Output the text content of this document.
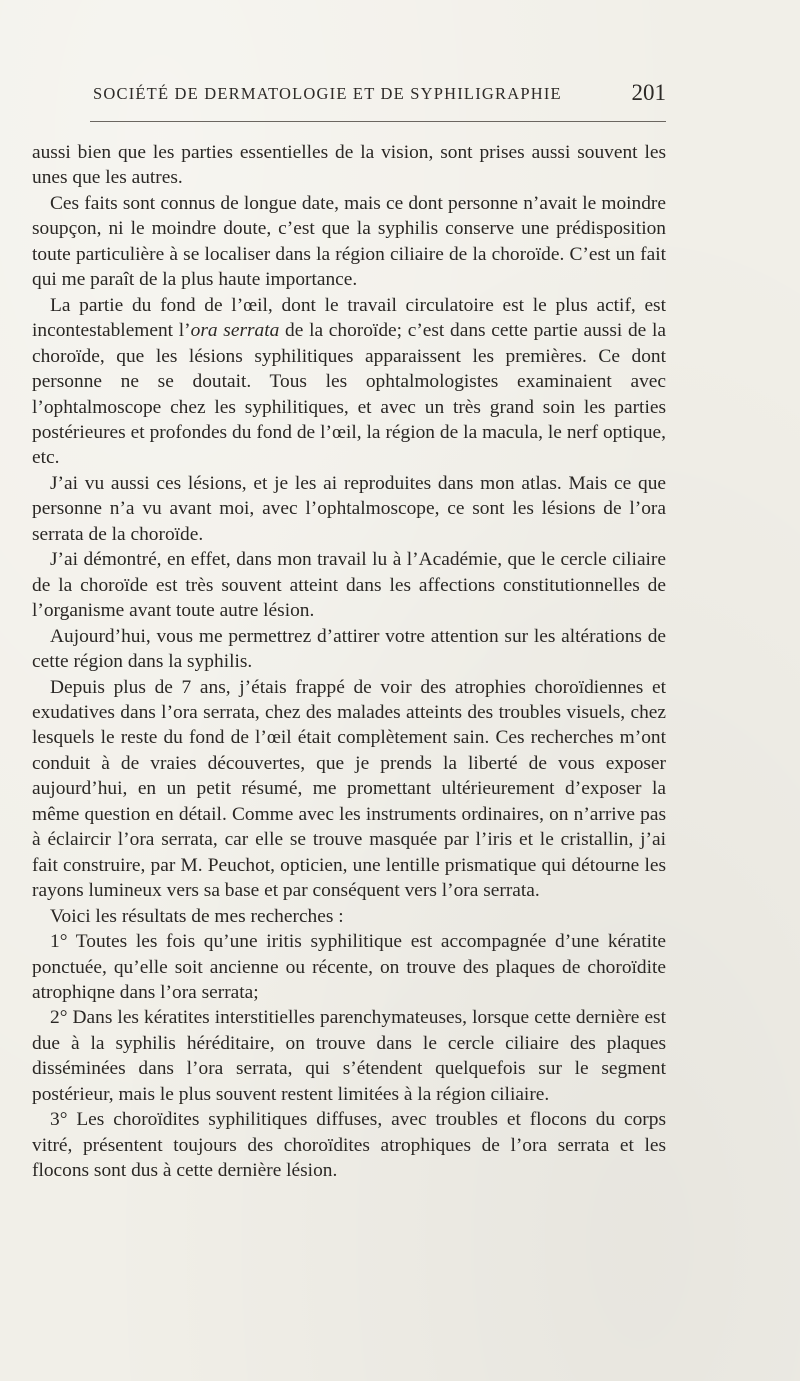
SOCIÉTÉ DE DERMATOLOGIE ET DE SYPHILIGRAPHIE	201

aussi bien que les parties essentielles de la vision, sont prises aussi souvent les unes que les autres.

Ces faits sont connus de longue date, mais ce dont personne n’avait le moindre soupçon, ni le moindre doute, c’est que la syphilis conserve une prédisposition toute particulière à se localiser dans la région ciliaire de la choroïde. C’est un fait qui me paraît de la plus haute importance.

La partie du fond de l’œil, dont le travail circulatoire est le plus actif, est incontestablement l’ora serrata de la choroïde; c’est dans cette partie aussi de la choroïde, que les lésions syphilitiques apparaissent les premières. Ce dont personne ne se doutait. Tous les ophtalmologistes examinaient avec l’ophtalmoscope chez les syphilitiques, et avec un très grand soin les parties postérieures et profondes du fond de l’œil, la région de la macula, le nerf optique, etc.

J’ai vu aussi ces lésions, et je les ai reproduites dans mon atlas. Mais ce que personne n’a vu avant moi, avec l’ophtalmoscope, ce sont les lésions de l’ora serrata de la choroïde.

J’ai démontré, en effet, dans mon travail lu à l’Académie, que le cercle ciliaire de la choroïde est très souvent atteint dans les affections constitutionnelles de l’organisme avant toute autre lésion.

Aujourd’hui, vous me permettrez d’attirer votre attention sur les altérations de cette région dans la syphilis.

Depuis plus de 7 ans, j’étais frappé de voir des atrophies choroïdiennes et exudatives dans l’ora serrata, chez des malades atteints des troubles visuels, chez lesquels le reste du fond de l’œil était complètement sain. Ces recherches m’ont conduit à de vraies découvertes, que je prends la liberté de vous exposer aujourd’hui, en un petit résumé, me promettant ultérieurement d’exposer la même question en détail. Comme avec les instruments ordinaires, on n’arrive pas à éclaircir l’ora serrata, car elle se trouve masquée par l’iris et le cristallin, j’ai fait construire, par M. Peuchot, opticien, une lentille prismatique qui détourne les rayons lumineux vers sa base et par conséquent vers l’ora serrata.

Voici les résultats de mes recherches :

1° Toutes les fois qu’une iritis syphilitique est accompagnée d’une kératite ponctuée, qu’elle soit ancienne ou récente, on trouve des plaques de choroïdite atrophiqne dans l’ora serrata;

2° Dans les kératites interstitielles parenchymateuses, lorsque cette dernière est due à la syphilis héréditaire, on trouve dans le cercle ciliaire des plaques disséminées dans l’ora serrata, qui s’étendent quelquefois sur le segment postérieur, mais le plus souvent restent limitées à la région ciliaire.

3° Les choroïdites syphilitiques diffuses, avec troubles et flocons du corps vitré, présentent toujours des choroïdites atrophiques de l’ora serrata et les flocons sont dus à cette dernière lésion.
